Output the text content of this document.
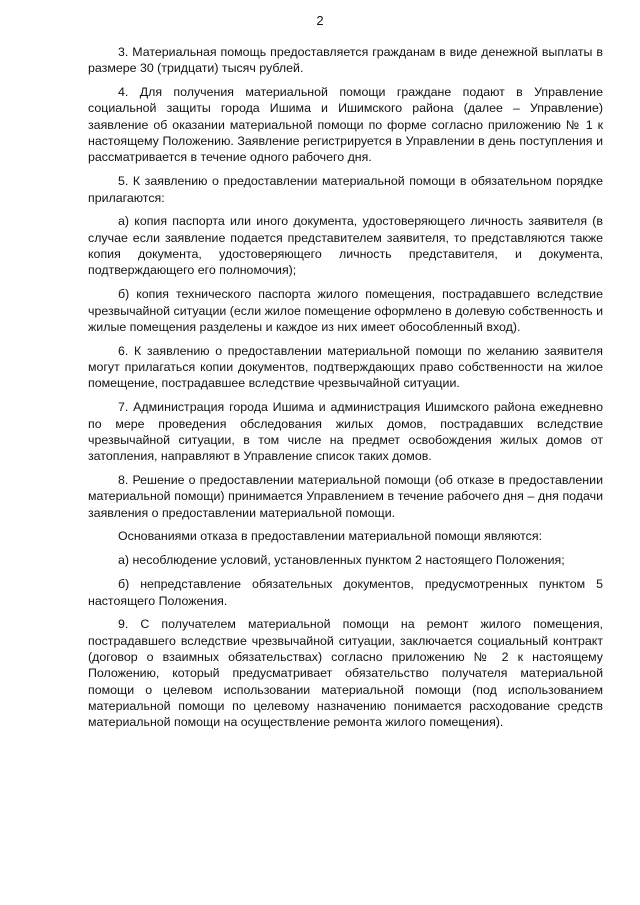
2

3. Материальная помощь предоставляется гражданам в виде денежной выплаты в размере 30 (тридцати) тысяч рублей.

4. Для получения материальной помощи граждане подают в Управление социальной защиты города Ишима и Ишимского района (далее – Управление) заявление об оказании материальной помощи по форме согласно приложению № 1 к настоящему Положению. Заявление регистрируется в Управлении в день поступления и рассматривается в течение одного рабочего дня.

5. К заявлению о предоставлении материальной помощи в обязательном порядке прилагаются:

а) копия паспорта или иного документа, удостоверяющего личность заявителя (в случае если заявление подается представителем заявителя, то представляются также копия документа, удостоверяющего личность представителя, и документа, подтверждающего его полномочия);

б) копия технического паспорта жилого помещения, пострадавшего вследствие чрезвычайной ситуации (если жилое помещение оформлено в долевую собственность и жилые помещения разделены и каждое из них имеет обособленный вход).

6. К заявлению о предоставлении материальной помощи по желанию заявителя могут прилагаться копии документов, подтверждающих право собственности на жилое помещение, пострадавшее вследствие чрезвычайной ситуации.

7. Администрация города Ишима и администрация Ишимского района ежедневно по мере проведения обследования жилых домов, пострадавших вследствие чрезвычайной ситуации, в том числе на предмет освобождения жилых домов от затопления, направляют в Управление список таких домов.

8. Решение о предоставлении материальной помощи (об отказе в предоставлении материальной помощи) принимается Управлением в течение рабочего дня – дня подачи заявления о предоставлении материальной помощи.

Основаниями отказа в предоставлении материальной помощи являются:

а) несоблюдение условий, установленных пунктом 2 настоящего Положения;

б) непредставление обязательных документов, предусмотренных пунктом 5 настоящего Положения.

9. С получателем материальной помощи на ремонт жилого помещения, пострадавшего вследствие чрезвычайной ситуации, заключается социальный контракт (договор о взаимных обязательствах) согласно приложению № 2 к настоящему Положению, который предусматривает обязательство получателя материальной помощи о целевом использовании материальной помощи (под использованием материальной помощи по целевому назначению понимается расходование средств материальной помощи на осуществление ремонта жилого помещения).
